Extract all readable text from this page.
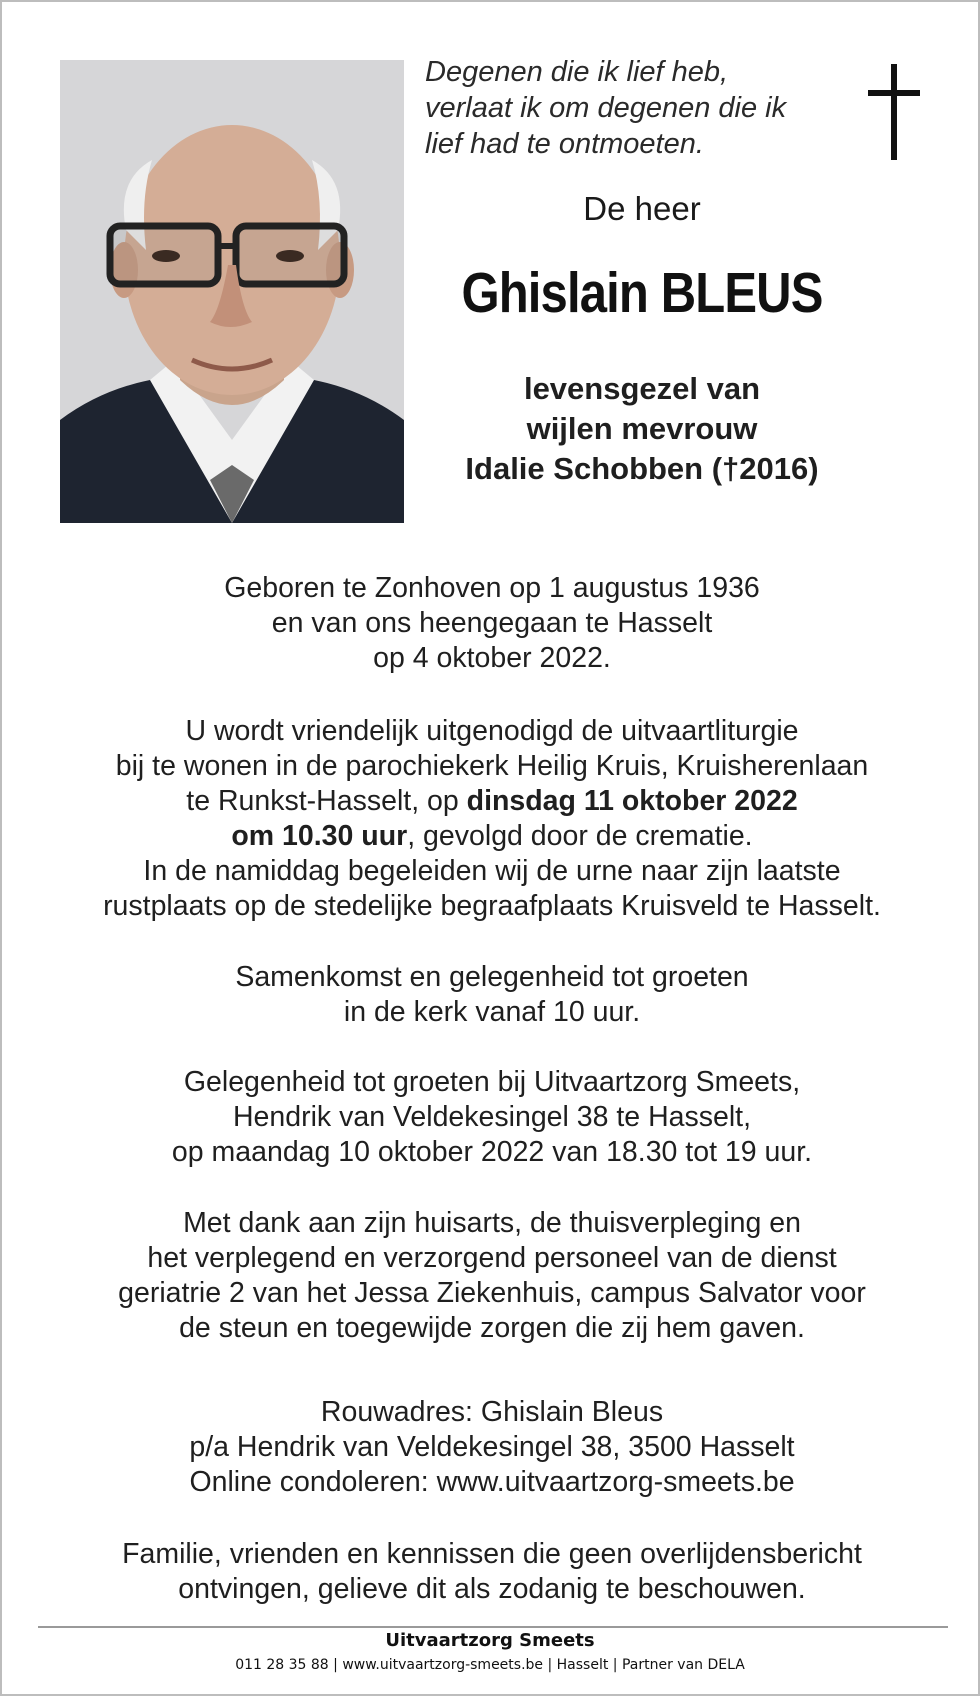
Degenen die ik lief heb,
verlaat ik om degenen die ik
lief had te ontmoeten.
De heer
Ghislain BLEUS
levensgezel van
wijlen mevrouw
Idalie Schobben (†2016)
Geboren te Zonhoven op 1 augustus 1936
en van ons heengegaan te Hasselt
op 4 oktober 2022.
U wordt vriendelijk uitgenodigd de uitvaartliturgie
bij te wonen in de parochiekerk Heilig Kruis, Kruisherenlaan
te Runkst-Hasselt, op dinsdag 11 oktober 2022
om 10.30 uur, gevolgd door de crematie.
In de namiddag begeleiden wij de urne naar zijn laatste
rustplaats op de stedelijke begraafplaats Kruisveld te Hasselt.
Samenkomst en gelegenheid tot groeten
in de kerk vanaf 10 uur.
Gelegenheid tot groeten bij Uitvaartzorg Smeets,
Hendrik van Veldekesingel 38 te Hasselt,
op maandag 10 oktober 2022 van 18.30 tot 19 uur.
Met dank aan zijn huisarts, de thuisverpleging en
het verplegend en verzorgend personeel van de dienst
geriatrie 2 van het Jessa Ziekenhuis, campus Salvator voor
de steun en toegewijde zorgen die zij hem gaven.
Rouwadres: Ghislain Bleus
p/a Hendrik van Veldekesingel 38, 3500 Hasselt
Online condoleren: www.uitvaartzorg-smeets.be
Familie, vrienden en kennissen die geen overlijdensbericht
ontvingen, gelieve dit als zodanig te beschouwen.
Uitvaartzorg Smeets
011 28 35 88 | www.uitvaartzorg-smeets.be | Hasselt | Partner van DELA
